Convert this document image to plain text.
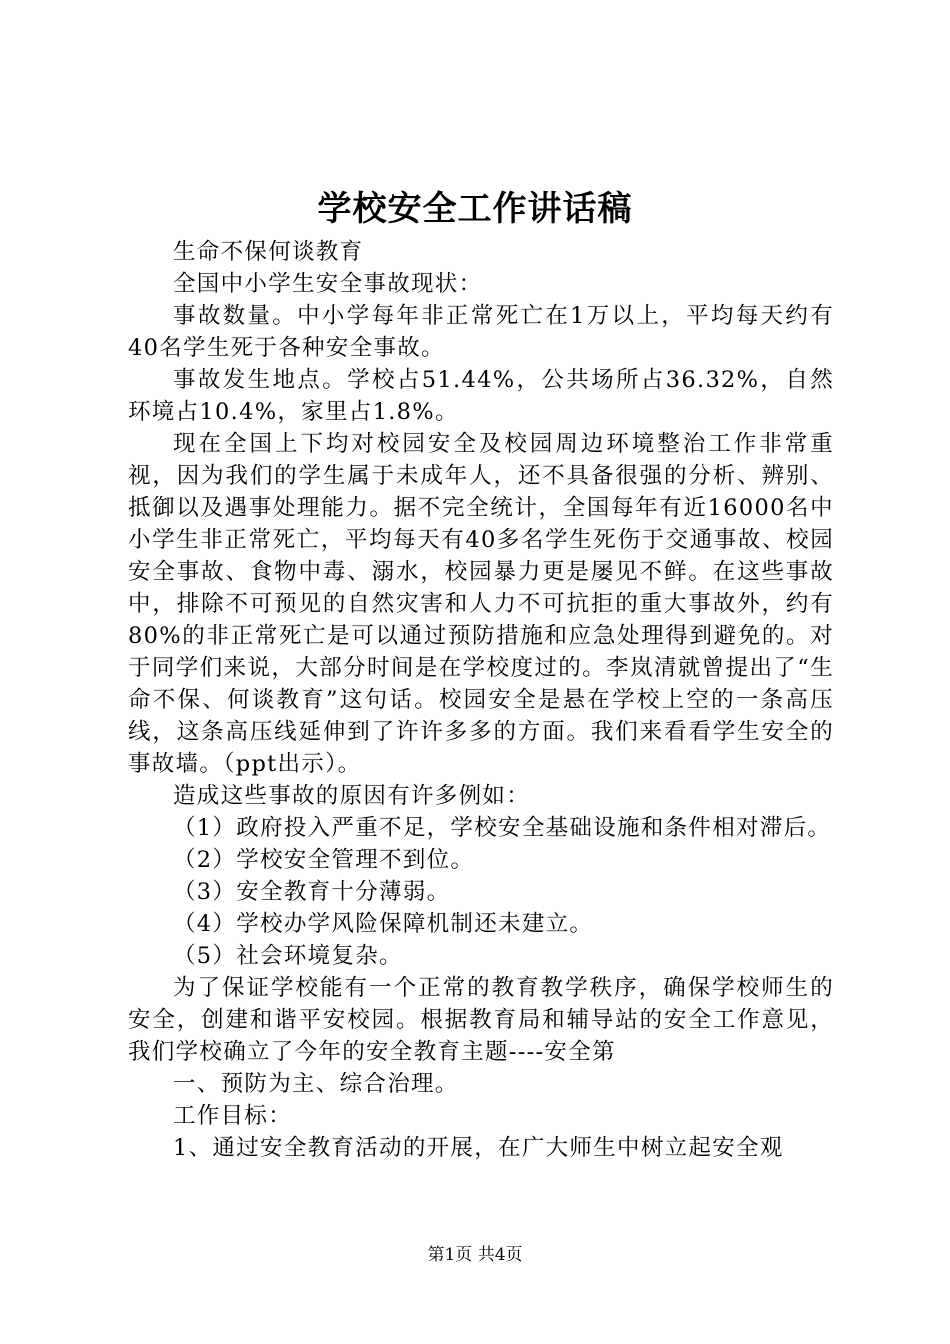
学校安全工作讲话稿

生命不保何谈教育

全国中小学生安全事故现状：

事故数量。中小学每年非正常死亡在1万以上，平均每天约有40名学生死于各种安全事故。

事故发生地点。学校占51.44%，公共场所占36.32%，自然环境占10.4%，家里占1.8%。

现在全国上下均对校园安全及校园周边环境整治工作非常重视，因为我们的学生属于未成年人，还不具备很强的分析、辨别、抵御以及遇事处理能力。据不完全统计，全国每年有近16000名中小学生非正常死亡，平均每天有40多名学生死伤于交通事故、校园安全事故、食物中毒、溺水，校园暴力更是屡见不鲜。在这些事故中，排除不可预见的自然灾害和人力不可抗拒的重大事故外，约有80%的非正常死亡是可以通过预防措施和应急处理得到避免的。对于同学们来说，大部分时间是在学校度过的。李岚清就曾提出了“生命不保、何谈教育”这句话。校园安全是悬在学校上空的一条高压线，这条高压线延伸到了许许多多的方面。我们来看看学生安全的事故墙。（ppt出示）。

造成这些事故的原因有许多例如：

（1）政府投入严重不足，学校安全基础设施和条件相对滞后。

（2）学校安全管理不到位。

（3）安全教育十分薄弱。

（4）学校办学风险保障机制还未建立。

（5）社会环境复杂。

为了保证学校能有一个正常的教育教学秩序，确保学校师生的安全，创建和谐平安校园。根据教育局和辅导站的安全工作意见，我们学校确立了今年的安全教育主题----安全第

一、预防为主、综合治理。

工作目标：

1、通过安全教育活动的开展，在广大师生中树立起安全观

第1页 共4页
